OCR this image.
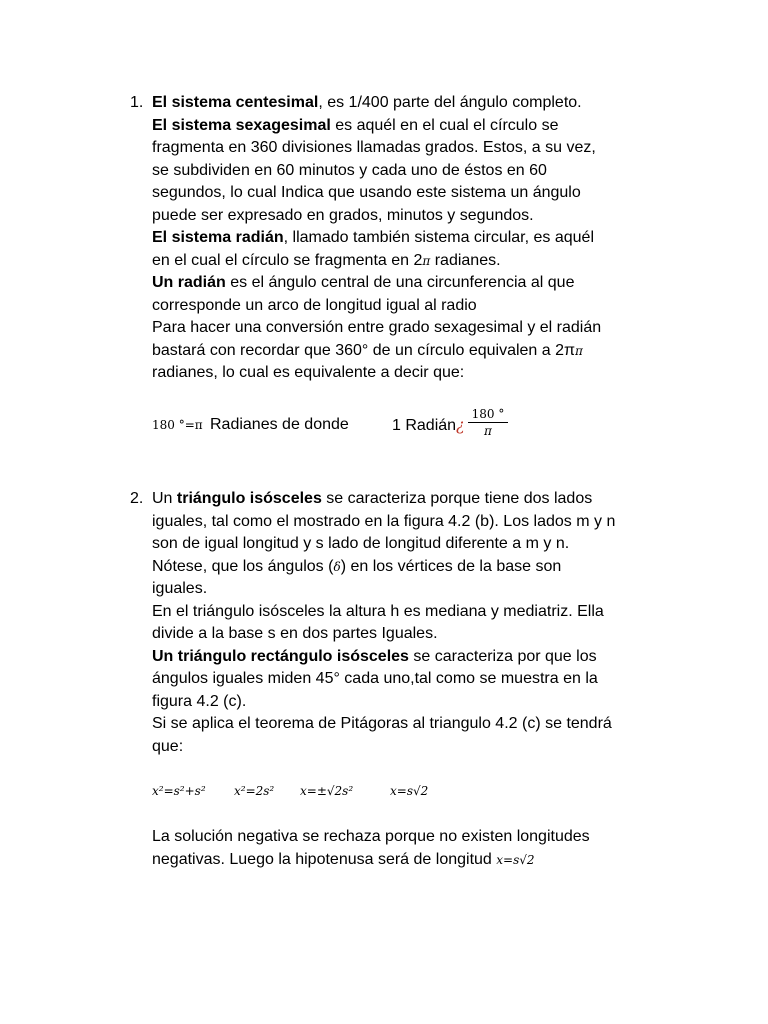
1. El sistema centesimal, es 1/400 parte del ángulo completo.
El sistema sexagesimal es aquél en el cual el círculo se
fragmenta en 360 divisiones llamadas grados. Estos, a su vez,
se subdividen en 60 minutos y cada uno de éstos en 60
segundos, lo cual Indica que usando este sistema un ángulo
puede ser expresado en grados, minutos y segundos.
El sistema radián, llamado también sistema circular, es aquél
en el cual el círculo se fragmenta en 2π radianes.
Un radián es el ángulo central de una circunferencia al que
corresponde un arco de longitud igual al radio
Para hacer una conversión entre grado sexagesimal y el radián
bastará con recordar que 360° de un círculo equivalen a 2ππ
radianes, lo cual es equivalente a decir que:
180 °=π Radianes de donde	1 Radián¿ $\frac{180 ^\circ}{\pi}$
2. Un triángulo isósceles se caracteriza porque tiene dos lados
iguales, tal como el mostrado en la figura 4.2 (b). Los lados m y n
son de igual longitud y s lado de longitud diferente a m y n.
Nótese, que los ángulos (δ) en los vértices de la base son
iguales.
En el triángulo isósceles la altura h es mediana y mediatriz. Ella
divide a la base s en dos partes Iguales.
Un triángulo rectángulo isósceles se caracteriza por que los
ángulos iguales miden 45° cada uno,tal como se muestra en la
figura 4.2 (c).
Si se aplica el teorema de Pitágoras al triangulo 4.2 (c) se tendrá
que:
x²=s²+s² x²=2s² x=±√2s²	x=s√2
La solución negativa se rechaza porque no existen longitudes
negativas. Luego la hipotenusa será de longitud x=s√2
